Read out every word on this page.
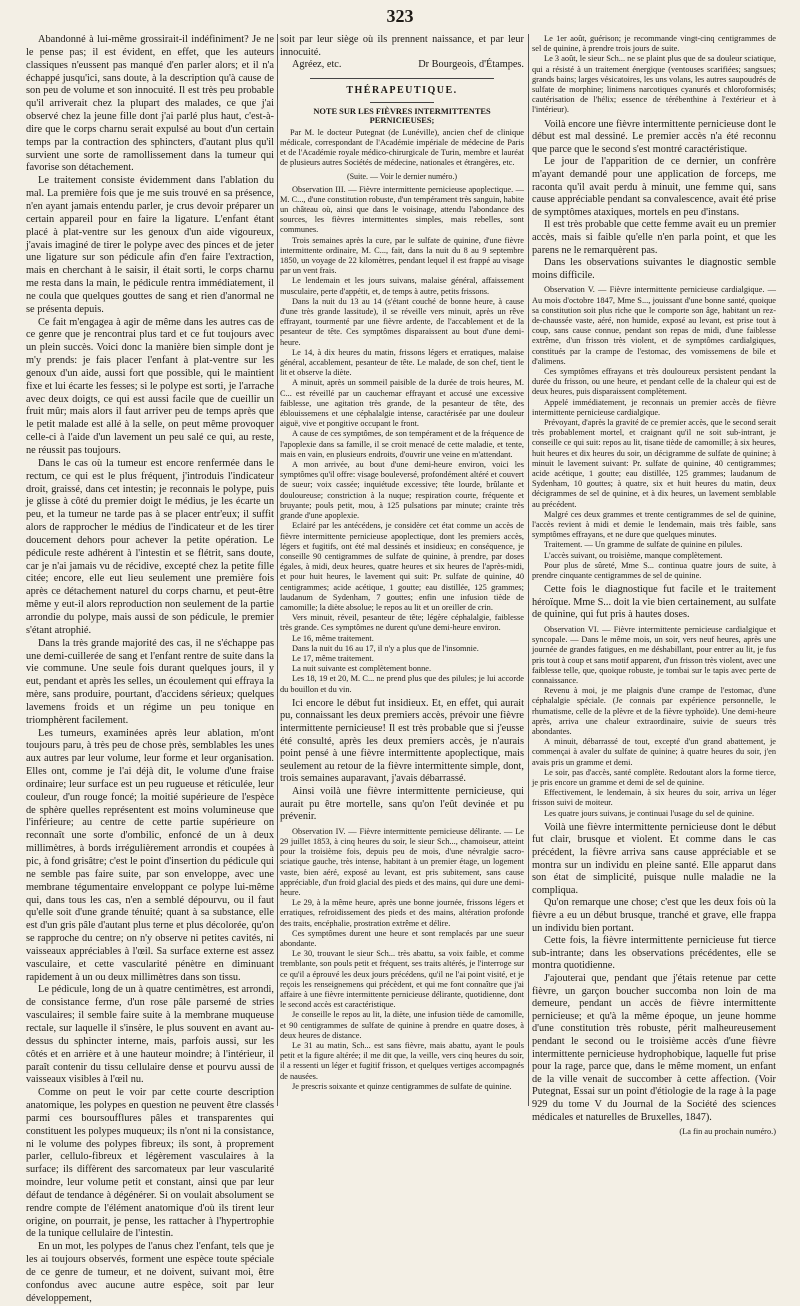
323

Abandonné à lui-même grossirait-il indéfiniment? Je ne le pense pas; il est évident, en effet, que les auteurs classiques n'eussent pas manqué d'en parler alors; et il n'a échappé jusqu'ici, sans doute, à la description qu'à cause de son peu de volume et son innocuité. Il est très peu probable qu'il arriverait chez la plupart des malades, ce que j'ai observé chez la jeune fille dont j'ai parlé plus haut, c'est-à-dire que le corps charnu serait expulsé au bout d'un certain temps par la contraction des sphincters, d'autant plus qu'il survient une sorte de ramollissement dans la tumeur qui favorise son détachement.

Le traitement consiste évidemment dans l'ablation du mal. La première fois que je me suis trouvé en sa présence, n'en ayant jamais entendu parler, je crus devoir préparer un certain appareil pour en faire la ligature. L'enfant étant placé à plat-ventre sur les genoux d'un aide vigoureux, j'avais imaginé de tirer le polype avec des pinces et de jeter une ligature sur son pédicule afin d'en faire l'extraction, mais en cherchant à le saisir, il était sorti, le corps charnu me resta dans la main, le pédicule rentra immédiatement, il ne coula que quelques gouttes de sang et rien d'anormal ne se présenta depuis.

Ce fait m'engagea à agir de même dans les autres cas de ce genre que je rencontrai plus tard et ce fut toujours avec un plein succès. Voici donc la manière bien simple dont je m'y prends: je fais placer l'enfant à plat-ventre sur les genoux d'un aide, aussi fort que possible, qui le maintient fixe et lui écarte les fesses; si le polype est sorti, je l'arrache avec deux doigts, ce qui est aussi facile que de cueillir un fruit mûr; mais alors il faut arriver peu de temps après que le petit malade est allé à la selle, on peut même provoquer celle-ci à l'aide d'un lavement un peu salé ce qui, au reste, ne réussit pas toujours.

Dans le cas où la tumeur est encore renfermée dans le rectum, ce qui est le plus fréquent, j'introduis l'indicateur droit, graissé, dans cet intestin; je reconnais le polype, puis je glisse à côté du premier doigt le médius, je les écarte un peu, et la tumeur ne tarde pas à se placer entr'eux; il suffit alors de rapprocher le médius de l'indicateur et de les tirer doucement dehors pour achever la petite opération. Le pédicule reste adhérent à l'intestin et se flétrit, sans doute, car je n'ai jamais vu de récidive, excepté chez la petite fille citée; encore, elle eut lieu seulement une première fois après ce détachement naturel du corps charnu, et peut-être même y eut-il alors reproduction non seulement de la partie arrondie du polype, mais aussi de son pédicule, le premier s'étant atrophié.

Dans la très grande majorité des cas, il ne s'échappe pas une demi-cuillerée de sang et l'enfant rentre de suite dans la vie commune. Une seule fois durant quelques jours, il y eut, pendant et après les selles, un écoulement qui effraya la mère, sans produire, pourtant, d'accidens sérieux; quelques lavemens froids et un régime un peu tonique en triomphèrent facilement.

Les tumeurs, examinées après leur ablation, m'ont toujours paru, à très peu de chose près, semblables les unes aux autres par leur volume, leur forme et leur organisation. Elles ont, comme je l'ai déjà dit, le volume d'une fraise ordinaire; leur surface est un peu rugueuse et réticulée, leur couleur, d'un rouge foncé; la moitié supérieure de l'espèce de sphère quelles représentent est moins volumineuse que l'inférieure; au centre de cette partie supérieure on reconnaît une sorte d'ombilic, enfoncé de un à deux millimètres, à bords irrégulièrement arrondis et coupées à pic, à fond grisâtre; c'est le point d'insertion du pédicule qui ne semble pas faire suite, par son enveloppe, avec une membrane tégumentaire enveloppant ce polype lui-même qui, dans tous les cas, n'en a semblé dépourvu, ou il faut qu'elle soit d'une grande ténuité; quant à sa substance, elle est d'un gris pâle d'autant plus terne et plus décolorée, qu'on se rapproche du centre; on n'y observe ni petites cavités, ni vaisseaux appréciables à l'œil. Sa surface externe est assez vasculaire, et cette vascularité pénètre en diminuant rapidement à un ou deux millimètres dans son tissu.

Le pédicule, long de un à quatre centimètres, est arrondi, de consistance ferme, d'un rose pâle parsemé de stries vasculaires; il semble faire suite à la membrane muqueuse rectale, sur laquelle il s'insère, le plus souvent en avant au-dessus du sphincter interne, mais, parfois aussi, sur les côtés et en arrière et à une hauteur moindre; à l'intérieur, il paraît contenir du tissu cellulaire dense et pourvu aussi de vaisseaux visibles à l'œil nu.

Comme on peut le voir par cette courte description anatomique, les polypes en question ne peuvent être classés parmi ces boursoufflures pâles et transparentes qui constituent les polypes muqueux; ils n'ont ni la consistance, ni le volume des polypes fibreux; ils sont, à proprement parler, cellulo-fibreux et légèrement vasculaires à la surface; ils diffèrent des sarcomateux par leur vascularité moindre, leur volume petit et constant, ainsi que par leur défaut de tendance à dégénérer. Si on voulait absolument se rendre compte de l'élément anatomique d'où ils tirent leur origine, on pourrait, je pense, les rattacher à l'hypertrophie de la tunique cellulaire de l'intestin.

En un mot, les polypes de l'anus chez l'enfant, tels que je les ai toujours observés, forment une espèce toute spéciale de ce genre de tumeur, et ne doivent, suivant moi, être confondus avec aucune autre espèce, soit par leur développement,

soit par leur siège où ils prennent naissance, et par leur innocuité.

Agréez, etc.	Dr Bourgeois, d'Étampes.
THÉRAPEUTIQUE.
NOTE SUR LES FIÈVRES INTERMITTENTES PERNICIEUSES;
Par M. le docteur Putegnat (de Lunéville), ancien chef de clinique médicale, correspondant de l'Académie impériale de médecine de Paris et de l'Académie royale médico-chirurgicale de Turin, membre et lauréat de plusieurs autres Sociétés de médecine, nationales et étrangères, etc.
(Suite. — Voir le dernier numéro.)

Observation III. — Fièvre intermittente pernicieuse apoplectique. — M. C..., d'une constitution robuste, d'un tempérament très sanguin, habite un château où, ainsi que dans le voisinage, attendu l'abondance des sources, les fièvres intermittentes simples, mais rebelles, sont communes.

Trois semaines après la cure, par le sulfate de quinine, d'une fièvre intermittente ordinaire, M. C..., fait, dans la nuit du 8 au 9 septembre 1850, un voyage de 22 kilomètres, pendant lequel il est frappé au visage par un vent frais.

Le lendemain et les jours suivans, malaise général, affaissement musculaire, perte d'appétit, et, de temps à autre, petits frissons.

Dans la nuit du 13 au 14 (s'étant couché de bonne heure, à cause d'une très grande lassitude), il se réveille vers minuit, après un rêve effrayant, tourmenté par une fièvre ardente, de l'accablement et de la pesanteur de tête. Ces symptômes disparaissent au bout d'une demi-heure.

Le 14, à dix heures du matin, frissons légers et erratiques, malaise général, accablement, pesanteur de tête. Le malade, de son chef, tient le lit et observe la diète.

A minuit, après un sommeil paisible de la durée de trois heures, M. C... est réveillé par un cauchemar effrayant et accusé une excessive faiblesse, une agitation très grande, de la pesanteur de tête, des éblouissemens et une céphalalgie intense, caractérisée par une douleur aiguë, vive et pongitive occupant le front.

A cause de ces symptômes, de son tempérament et de la fréquence de l'apoplexie dans sa famille, il se croit menacé de cette maladie, et tente, mais en vain, en plusieurs endroits, d'ouvrir une veine en m'attendant.

A mon arrivée, au bout d'une demi-heure environ, voici les symptômes qu'il offre: visage bouleversé, profondément altéré et couvert de sueur; voix cassée; inquiétude excessive; tête lourde, brûlante et douloureuse; constriction à la nuque; respiration courte, fréquente et bruyante; pouls petit, mou, à 125 pulsations par minute; crainte très grande d'une apoplexie.

Eclairé par les antécédens, je considère cet état comme un accès de fièvre intermittente pernicieuse apoplectique, dont les premiers accès, légers et fugitifs, ont été mal dessinés et insidieux; en conséquence, je conseille 90 centigrammes de sulfate de quinine, à prendre, par doses égales, à midi, deux heures, quatre heures et six heures de l'après-midi, et pour huit heures, le lavement qui suit: Pr. sulfate de quinine, 40 centigrammes; acide acétique, 1 goutte; eau distillée, 125 grammes; laudanum de Sydenham, 7 gouttes; enfin une infusion tiède de camomille; la diète absolue; le repos au lit et un oreiller de crin.

Vers minuit, réveil, pesanteur de tête; légère céphalalgie, faiblesse très grande. Ces symptômes ne durent qu'une demi-heure environ.

Le 16, même traitement.

Dans la nuit du 16 au 17, il n'y a plus que de l'insomnie.

Le 17, même traitement.

La nuit suivante est complètement bonne.

Les 18, 19 et 20, M. C... ne prend plus que des pilules; je lui accorde du bouillon et du vin.

Ici encore le début fut insidieux. Et, en effet, qui aurait pu, connaissant les deux premiers accès, prévoir une fièvre intermittente pernicieuse! Il est très probable que si j'eusse été consulté, après les deux premiers accès, je n'aurais point pensé à une fièvre intermittente apoplectique, mais seulement au retour de la fièvre intermittente simple, dont, trois semaines auparavant, j'avais débarrassé.

Ainsi voilà une fièvre intermittente pernicieuse, qui aurait pu être mortelle, sans qu'on l'eût devinée et pu prévenir.

Observation IV. — Fièvre intermittente pernicieuse délirante. — Le 29 juillet 1853, à cinq heures du soir, le sieur Sch..., chamoiseur, atteint pour la troisième fois, depuis peu de mois, d'une névralgie sacro-sciatique gauche, très intense, habitant à un premier étage, un logement vaste, bien aéré, exposé au levant, est pris subitement, sans cause appréciable, d'un froid glacial des pieds et des mains, qui dure une demi-heure.

Le 29, à la même heure, après une bonne journée, frissons légers et erratiques, refroidissement des pieds et des mains, altération profonde des traits, encéphalie, prostration extrême et délire.

Ces symptômes durent une heure et sont remplacés par une sueur abondante.

Le 30, trouvant le sieur Sch... très abattu, sa voix faible, et comme tremblante, son pouls petit et fréquent, ses traits altérés, je l'interroge sur ce qu'il a éprouvé les deux jours précédens, qu'il ne l'ai point visité, et je reçois les renseignemens qui précèdent, et qui me font connaître que j'ai affaire à une fièvre intermittente pernicieuse délirante, quotidienne, dont le second accès est caractéristique.

Je conseille le repos au lit, la diète, une infusion tiède de camomille, et 90 centigrammes de sulfate de quinine à prendre en quatre doses, à deux heures de distance.

Le 31 au matin, Sch... est sans fièvre, mais abattu, ayant le pouls petit et la figure altérée; il me dit que, la veille, vers cinq heures du soir, il a ressenti un léger et fugitif frisson, et quelques vertiges accompagnés de nausées.

Je prescris soixante et quinze centigrammes de sulfate de quinine.

Le 1er août, guérison; je recommande vingt-cinq centigrammes de sel de quinine, à prendre trois jours de suite.

Le 3 août, le sieur Sch... ne se plaint plus que de sa douleur sciatique, qui a résisté à un traitement énergique (ventouses scarifiées; sangsues; grands bains; larges vésicatoires, les uns volans, les autres saupoudrés de sulfate de morphine; linimens narcotiques cyanurés et chloroformisés; cautérisation de l'hélix; essence de térébenthine à l'extérieur et à l'intérieur).

Voilà encore une fièvre intermittente pernicieuse dont le début est mal dessiné. Le premier accès n'a été reconnu que parce que le second s'est montré caractéristique.

Le jour de l'apparition de ce dernier, un confrère m'ayant demandé pour une application de forceps, me raconta qu'il avait perdu à minuit, une femme qui, sans cause appréciable pendant sa convalescence, avait été prise de symptômes ataxiques, mortels en peu d'instans.

Il est très probable que cette femme avait eu un premier accès, mais si faible qu'elle n'en parla point, et que les parens ne le remarquèrent pas.

Dans les observations suivantes le diagnostic semble moins difficile.

Observation V. — Fièvre intermittente pernicieuse cardialgique. — Au mois d'octobre 1847, Mme S..., jouissant d'une bonne santé, quoique sa constitution soit plus riche que le comporte son âge, habitant un rez-de-chaussée vaste, aéré, non humide, exposé au levant, est prise tout à coup, sans cause connue, pendant son repas de midi, d'une faiblesse extrême, d'un frisson très violent, et de symptômes cardialgiques, constitués par la crampe de l'estomac, des vomissemens de bile et d'alimens.

Ces symptômes effrayans et très douloureux persistent pendant la durée du frisson, ou une heure, et pendant celle de la chaleur qui est de deux heures, puis disparaissent complètement.

Appelé immédiatement, je reconnais un premier accès de fièvre intermittente pernicieuse cardialgique.

Prévoyant, d'après la gravité de ce premier accès, que le second serait très probablement mortel, et craignant qu'il ne soit sub-intrant, je conseille ce qui suit: repos au lit, tisane tiède de camomille; à six heures, huit heures et dix heures du soir, un décigramme de sulfate de quinine; à minuit le lavement suivant: Pr. sulfate de quinine, 40 centigrammes; acide acétique, 1 goutte; eau distillée, 125 grammes; laudanum de Sydenham, 10 gouttes; à quatre, six et huit heures du matin, deux décigrammes de sel de quinine, et à dix heures, un lavement semblable au précédent.

Malgré ces deux grammes et trente centigrammes de sel de quinine, l'accès revient à midi et demie le lendemain, mais très faible, sans symptômes effrayans, et ne dure que quelques minutes.

Traitement. — Un gramme de sulfate de quinine en pilules.

L'accès suivant, ou troisième, manque complètement.

Pour plus de sûreté, Mme S... continua quatre jours de suite, à prendre cinquante centigrammes de sel de quinine.

Cette fois le diagnostique fut facile et le traitement héroïque. Mme S... doit la vie bien certainement, au sulfate de quinine, qui fut pris à hautes doses.

Observation VI. — Fièvre intermittente pernicieuse cardialgique et syncopale. — Dans le même mois, un soir, vers neuf heures, après une journée de grandes fatigues, en me déshabillant, pour entrer au lit, je fus pris tout à coup et sans motif apparent, d'un frisson très violent, avec une faiblesse telle, que, quoique robuste, je tombai sur le tapis avec perte de connaissance.

Revenu à moi, je me plaignis d'une crampe de l'estomac, d'une céphalalgie spéciale. (Je connais par expérience personnelle, le rhumatisme, celle de la plèvre et de la fièvre typhoïde). Une demi-heure après, arriva une chaleur extraordinaire, suivie de sueurs très abondantes.

A minuit, débarrassé de tout, excepté d'un grand abattement, je commençai à avaler du sulfate de quinine; à quatre heures du soir, j'en avais pris un gramme et demi.

Le soir, pas d'accès, santé complète. Redoutant alors la forme tierce, je pris encore un gramme et demi de sel de quinine.

Effectivement, le lendemain, à six heures du soir, arriva un léger frisson suivi de moiteur.

Les quatre jours suivans, je continuai l'usage du sel de quinine.

Voilà une fièvre intermittente pernicieuse dont le début fut clair, brusque et violent. Et comme dans le cas précédent, la fièvre arriva sans cause appréciable et se montra sur un individu en pleine santé. Elle apparut dans son état de simplicité, puisque nulle maladie ne la compliqua.

Qu'on remarque une chose; c'est que les deux fois où la fièvre a eu un début brusque, tranché et grave, elle frappa un individu bien portant.

Cette fois, la fièvre intermittente pernicieuse fut tierce sub-intrante; dans les observations précédentes, elle se montra quotidienne.

J'ajouterai que, pendant que j'étais retenue par cette fièvre, un garçon boucher succomba non loin de ma demeure, pendant un accès de fièvre intermittente pernicieuse; et qu'à la même époque, un jeune homme d'une constitution très robuste, périt malheureusement pendant le second ou le troisième accès d'une fièvre intermittente pernicieuse hydrophobique, laquelle fut prise pour la rage, parce que, dans le même moment, un enfant de la ville venait de succomber à cette affection. (Voir Putegnat, Essai sur un point d'étiologie de la rage à la page 929 du tome V du Journal de la Société des sciences médicales et naturelles de Bruxelles, 1847).

(La fin au prochain numéro.)
